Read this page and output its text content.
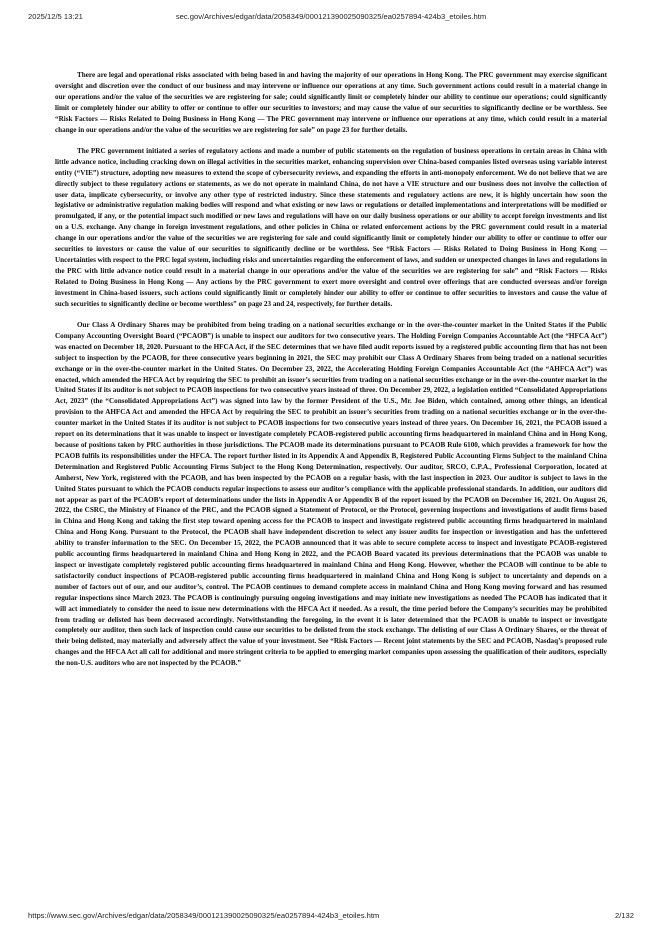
2025/12/5 13:21	sec.gov/Archives/edgar/data/2058349/000121390025090325/ea0257894-424b3_etoiles.htm

There are legal and operational risks associated with being based in and having the majority of our operations in Hong Kong. The PRC government may exercise significant oversight and discretion over the conduct of our business and may intervene or influence our operations at any time. Such government actions could result in a material change in our operations and/or the value of the securities we are registering for sale; could significantly limit or completely hinder our ability to continue our operations; could significantly limit or completely hinder our ability to offer or continue to offer our securities to investors; and may cause the value of our securities to significantly decline or be worthless. See “Risk Factors — Risks Related to Doing Business in Hong Kong — The PRC government may intervene or influence our operations at any time, which could result in a material change in our operations and/or the value of the securities we are registering for sale” on page 23 for further details.

The PRC government initiated a series of regulatory actions and made a number of public statements on the regulation of business operations in certain areas in China with little advance notice, including cracking down on illegal activities in the securities market, enhancing supervision over China-based companies listed overseas using variable interest entity (“VIE”) structure, adopting new measures to extend the scope of cybersecurity reviews, and expanding the efforts in anti-monopoly enforcement. We do not believe that we are directly subject to these regulatory actions or statements, as we do not operate in mainland China, do not have a VIE structure and our business does not involve the collection of user data, implicate cybersecurity, or involve any other type of restricted industry. Since these statements and regulatory actions are new, it is highly uncertain how soon the legislative or administrative regulation making bodies will respond and what existing or new laws or regulations or detailed implementations and interpretations will be modified or promulgated, if any, or the potential impact such modified or new laws and regulations will have on our daily business operations or our ability to accept foreign investments and list on a U.S. exchange. Any change in foreign investment regulations, and other policies in China or related enforcement actions by the PRC government could result in a material change in our operations and/or the value of the securities we are registering for sale and could significantly limit or completely hinder our ability to offer or continue to offer our securities to investors or cause the value of our securities to significantly decline or be worthless. See “Risk Factors — Risks Related to Doing Business in Hong Kong — Uncertainties with respect to the PRC legal system, including risks and uncertainties regarding the enforcement of laws, and sudden or unexpected changes in laws and regulations in the PRC with little advance notice could result in a material change in our operations and/or the value of the securities we are registering for sale” and “Risk Factors — Risks Related to Doing Business in Hong Kong — Any actions by the PRC government to exert more oversight and control over offerings that are conducted overseas and/or foreign investment in China-based issuers, such actions could significantly limit or completely hinder our ability to offer or continue to offer securities to investors and cause the value of such securities to significantly decline or become worthless” on page 23 and 24, respectively, for further details.

Our Class A Ordinary Shares may be prohibited from being trading on a national securities exchange or in the over-the-counter market in the United States if the Public Company Accounting Oversight Board (“PCAOB”) is unable to inspect our auditors for two consecutive years. The Holding Foreign Companies Accountable Act (the “HFCA Act”) was enacted on December 18, 2020. Pursuant to the HFCA Act, if the SEC determines that we have filed audit reports issued by a registered public accounting firm that has not been subject to inspection by the PCAOB, for three consecutive years beginning in 2021, the SEC may prohibit our Class A Ordinary Shares from being traded on a national securities exchange or in the over-the-counter market in the United States. On December 23, 2022, the Accelerating Holding Foreign Companies Accountable Act (the “AHFCA Act”) was enacted, which amended the HFCA Act by requiring the SEC to prohibit an issuer’s securities from trading on a national securities exchange or in the over-the-counter market in the United States if its auditor is not subject to PCAOB inspections for two consecutive years instead of three. On December 29, 2022, a legislation entitled “Consolidated Appropriations Act, 2023” (the “Consolidated Appropriations Act”) was signed into law by the former President of the U.S., Mr. Joe Biden, which contained, among other things, an identical provision to the AHFCA Act and amended the HFCA Act by requiring the SEC to prohibit an issuer’s securities from trading on a national securities exchange or in the over-the-counter market in the United States if its auditor is not subject to PCAOB inspections for two consecutive years instead of three years. On December 16, 2021, the PCAOB issued a report on its determinations that it was unable to inspect or investigate completely PCAOB-registered public accounting firms headquartered in mainland China and in Hong Kong, because of positions taken by PRC authorities in those jurisdictions. The PCAOB made its determinations pursuant to PCAOB Rule 6100, which provides a framework for how the PCAOB fulfils its responsibilities under the HFCA. The report further listed in its Appendix A and Appendix B, Registered Public Accounting Firms Subject to the mainland China Determination and Registered Public Accounting Firms Subject to the Hong Kong Determination, respectively. Our auditor, SRCO, C.P.A., Professional Corporation, located at Amherst, New York, registered with the PCAOB, and has been inspected by the PCAOB on a regular basis, with the last inspection in 2023. Our auditor is subject to laws in the United States pursuant to which the PCAOB conducts regular inspections to assess our auditor’s compliance with the applicable professional standards. In addition, our auditors did not appear as part of the PCAOB’s report of determinations under the lists in Appendix A or Appendix B of the report issued by the PCAOB on December 16, 2021. On August 26, 2022, the CSRC, the Ministry of Finance of the PRC, and the PCAOB signed a Statement of Protocol, or the Protocol, governing inspections and investigations of audit firms based in China and Hong Kong and taking the first step toward opening access for the PCAOB to inspect and investigate registered public accounting firms headquartered in mainland China and Hong Kong. Pursuant to the Protocol, the PCAOB shall have independent discretion to select any issuer audits for inspection or investigation and has the unfettered ability to transfer information to the SEC. On December 15, 2022, the PCAOB announced that it was able to secure complete access to inspect and investigate PCAOB-registered public accounting firms headquartered in mainland China and Hong Kong in 2022, and the PCAOB Board vacated its previous determinations that the PCAOB was unable to inspect or investigate completely registered public accounting firms headquartered in mainland China and Hong Kong. However, whether the PCAOB will continue to be able to satisfactorily conduct inspections of PCAOB-registered public accounting firms headquartered in mainland China and Hong Kong is subject to uncertainty and depends on a number of factors out of our, and our auditor’s, control. The PCAOB continues to demand complete access in mainland China and Hong Kong moving forward and has resumed regular inspections since March 2023. The PCAOB is continuingly pursuing ongoing investigations and may initiate new investigations as needed The PCAOB has indicated that it will act immediately to consider the need to issue new determinations with the HFCA Act if needed. As a result, the time period before the Company’s securities may be prohibited from trading or delisted has been decreased accordingly. Notwithstanding the foregoing, in the event it is later determined that the PCAOB is unable to inspect or investigate completely our auditor, then such lack of inspection could cause our securities to be delisted from the stock exchange. The delisting of our Class A Ordinary Shares, or the threat of their being delisted, may materially and adversely affect the value of your investment. See “Risk Factors — Recent joint statements by the SEC and PCAOB, Nasdaq’s proposed rule changes and the HFCA Act all call for additional and more stringent criteria to be applied to emerging market companies upon assessing the qualification of their auditors, especially the non-U.S. auditors who are not inspected by the PCAOB.”

https://www.sec.gov/Archives/edgar/data/2058349/000121390025090325/ea0257894-424b3_etoiles.htm	2/132
